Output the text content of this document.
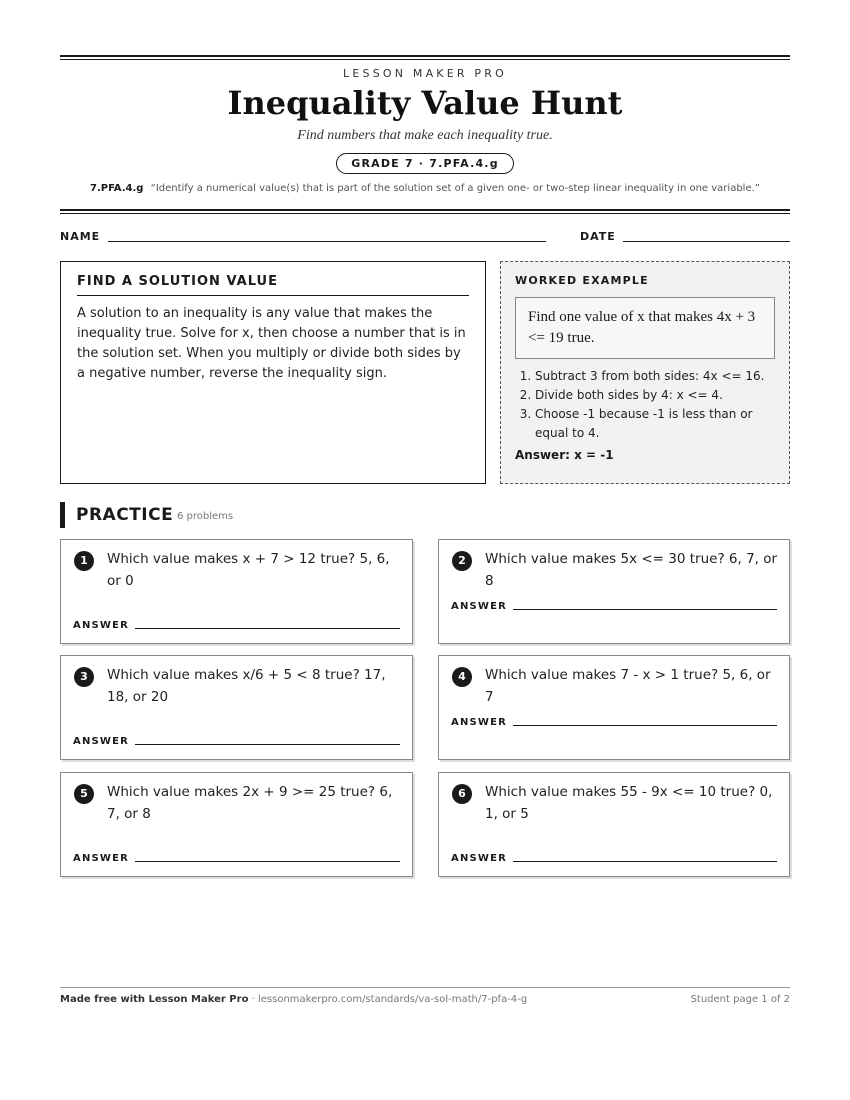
LESSON MAKER PRO
Inequality Value Hunt
Find numbers that make each inequality true.
GRADE 7 · 7.PFA.4.g
7.PFA.4.g “Identify a numerical value(s) that is part of the solution set of a given one- or two-step linear inequality in one variable.”
NAME	DATE
FIND A SOLUTION VALUE
A solution to an inequality is any value that makes the inequality true. Solve for x, then choose a number that is in the solution set. When you multiply or divide both sides by a negative number, reverse the inequality sign.
WORKED EXAMPLE
Find one value of x that makes 4x + 3 <= 19 true.
1. Subtract 3 from both sides: 4x <= 16.
2. Divide both sides by 4: x <= 4.
3. Choose -1 because -1 is less than or equal to 4.
Answer: x = -1
PRACTICE 6 problems
1	Which value makes x + 7 > 12 true? 5, 6, or 0
ANSWER
2	Which value makes 5x <= 30 true? 6, 7, or 8
ANSWER
3	Which value makes x/6 + 5 < 8 true? 17, 18, or 20
ANSWER
4	Which value makes 7 - x > 1 true? 5, 6, or 7
ANSWER
5	Which value makes 2x + 9 >= 25 true? 6, 7, or 8
ANSWER
6	Which value makes 55 - 9x <= 10 true? 0, 1, or 5
ANSWER
Made free with Lesson Maker Pro · lessonmakerpro.com/standards/va-sol-math/7-pfa-4-g	Student page 1 of 2
